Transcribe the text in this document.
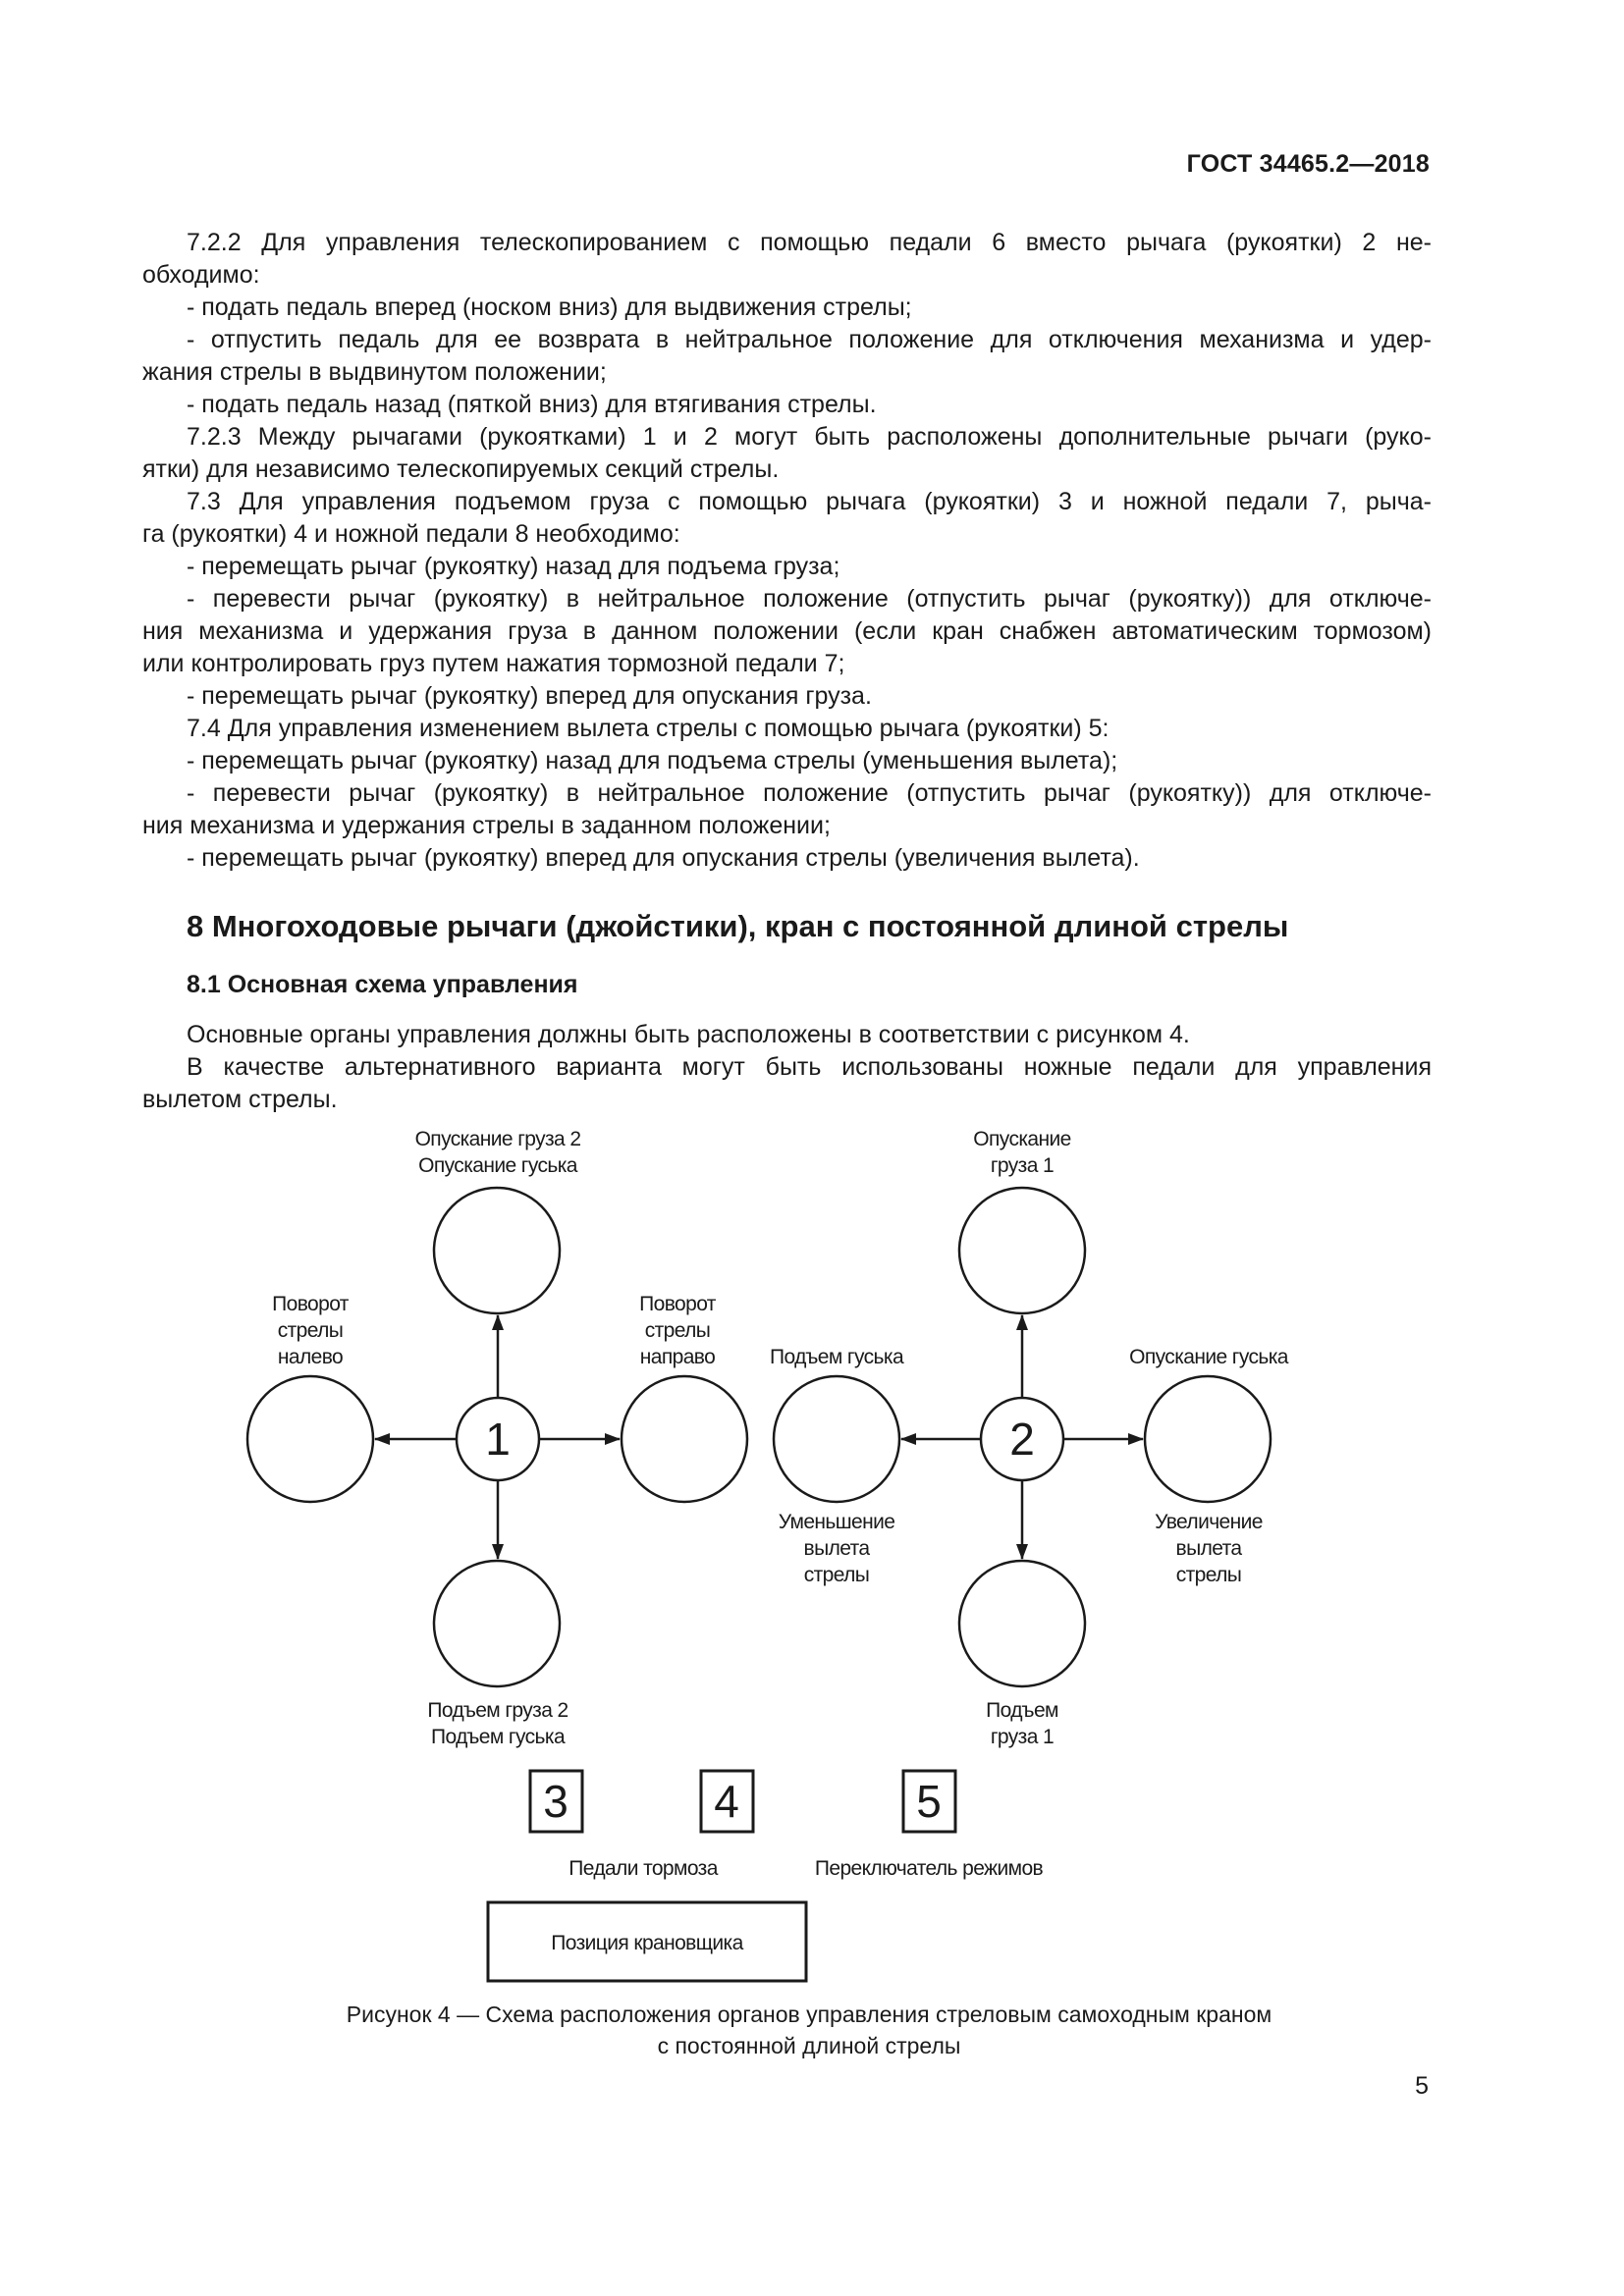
ГОСТ 34465.2—2018
7.2.2 Для управления телескопированием с помощью педали 6 вместо рычага (рукоятки) 2 не-
обходимо:
- подать педаль вперед (носком вниз) для выдвижения стрелы;
- отпустить педаль для ее возврата в нейтральное положение для отключения механизма и удер-
жания стрелы в выдвинутом положении;
- подать педаль назад (пяткой вниз) для втягивания стрелы.
7.2.3 Между рычагами (рукоятками) 1 и 2 могут быть расположены дополнительные рычаги (руко-
ятки) для независимо телескопируемых секций стрелы.
7.3 Для управления подъемом груза с помощью рычага (рукоятки) 3 и ножной педали 7, рыча-
га (рукоятки) 4 и ножной педали 8 необходимо:
- перемещать рычаг (рукоятку) назад для подъема груза;
- перевести рычаг (рукоятку) в нейтральное положение (отпустить рычаг (рукоятку)) для отключе-
ния механизма и удержания груза в данном положении (если кран снабжен автоматическим тормозом)
или контролировать груз путем нажатия тормозной педали 7;
- перемещать рычаг (рукоятку) вперед для опускания груза.
7.4 Для управления изменением вылета стрелы с помощью рычага (рукоятки) 5:
- перемещать рычаг (рукоятку) назад для подъема стрелы (уменьшения вылета);
- перевести рычаг (рукоятку) в нейтральное положение (отпустить рычаг (рукоятку)) для отключе-
ния механизма и удержания стрелы в заданном положении;
- перемещать рычаг (рукоятку) вперед для опускания стрелы (увеличения вылета).
8 Многоходовые рычаги (джойстики), кран с постоянной длиной стрелы
8.1 Основная схема управления
Основные органы управления должны быть расположены в соответствии с рисунком 4.
В качестве альтернативного варианта могут быть использованы ножные педали для управления
вылетом стрелы.
1	2
Опускание груза 2
Опускание гуська
Поворот
стрелы
налево
Поворот
стрелы
направо
Подъем груза 2
Подъем гуська
Опускание
груза 1
Подъем гуська	Опускание гуська
Уменьшение
вылета
стрелы
Увеличение
вылета
стрелы
Подъем
груза 1
3	4	5
Педали тормоза	Переключатель режимов
Позиция крановщика
Рисунок 4 — Схема расположения органов управления стреловым самоходным краном
с постоянной длиной стрелы
5
